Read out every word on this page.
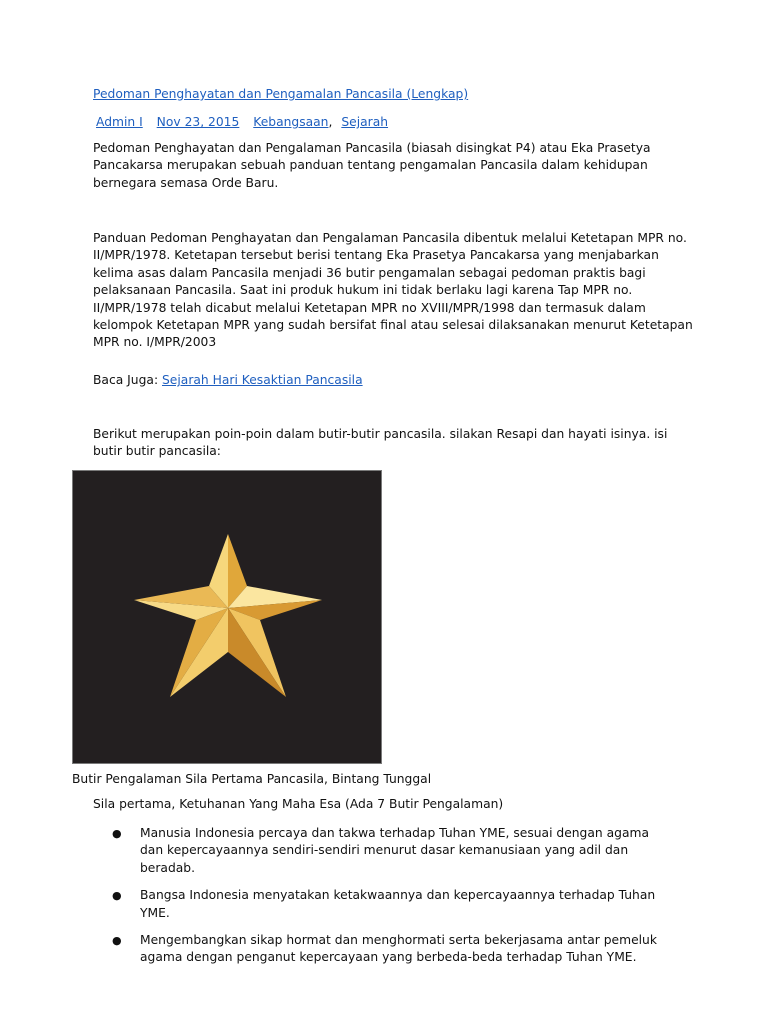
Pedoman Penghayatan dan Pengamalan Pancasila (Lengkap)
Admin I Nov 23, 2015 Kebangsaan, Sejarah

Pedoman Penghayatan dan Pengalaman Pancasila (biasah disingkat P4) atau Eka Prasetya Pancakarsa merupakan sebuah panduan tentang pengamalan Pancasila dalam kehidupan bernegara semasa Orde Baru.

Panduan Pedoman Penghayatan dan Pengalaman Pancasila dibentuk melalui Ketetapan MPR no. II/MPR/1978. Ketetapan tersebut berisi tentang Eka Prasetya Pancakarsa yang menjabarkan kelima asas dalam Pancasila menjadi 36 butir pengamalan sebagai pedoman praktis bagi pelaksanaan Pancasila. Saat ini produk hukum ini tidak berlaku lagi karena Tap MPR no. II/MPR/1978 telah dicabut melalui Ketetapan MPR no XVIII/MPR/1998 dan termasuk dalam kelompok Ketetapan MPR yang sudah bersifat final atau selesai dilaksanakan menurut Ketetapan MPR no. I/MPR/2003

Baca Juga: Sejarah Hari Kesaktian Pancasila

Berikut merupakan poin-poin dalam butir-butir pancasila. silakan Resapi dan hayati isinya. isi butir butir pancasila:

Butir Pengalaman Sila Pertama Pancasila, Bintang Tunggal
Sila pertama, Ketuhanan Yang Maha Esa (Ada 7 Butir Pengalaman)
● Manusia Indonesia percaya dan takwa terhadap Tuhan YME, sesuai dengan agama dan kepercayaannya sendiri-sendiri menurut dasar kemanusiaan yang adil dan beradab.
● Bangsa Indonesia menyatakan ketakwaannya dan kepercayaannya terhadap Tuhan YME.
● Mengembangkan sikap hormat dan menghormati serta bekerjasama antar pemeluk agama dengan penganut kepercayaan yang berbeda-beda terhadap Tuhan YME.
